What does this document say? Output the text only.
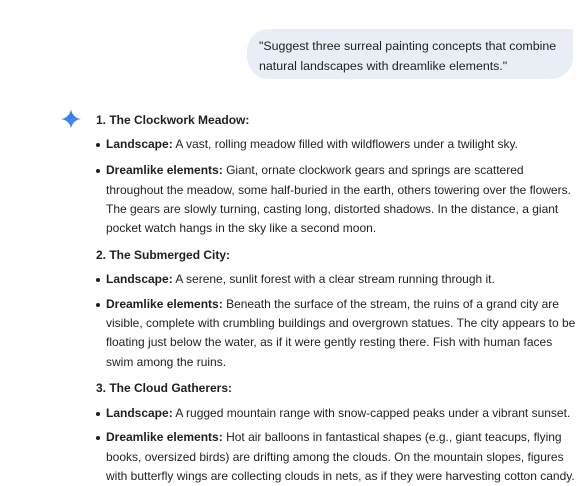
"Suggest three surreal painting concepts that combine natural landscapes with dreamlike elements."
1. The Clockwork Meadow:
Landscape: A vast, rolling meadow filled with wildflowers under a twilight sky.
Dreamlike elements: Giant, ornate clockwork gears and springs are scattered throughout the meadow, some half-buried in the earth, others towering over the flowers. The gears are slowly turning, casting long, distorted shadows. In the distance, a giant pocket watch hangs in the sky like a second moon.
2. The Submerged City:
Landscape: A serene, sunlit forest with a clear stream running through it.
Dreamlike elements: Beneath the surface of the stream, the ruins of a grand city are visible, complete with crumbling buildings and overgrown statues. The city appears to be floating just below the water, as if it were gently resting there. Fish with human faces swim among the ruins.
3. The Cloud Gatherers:
Landscape: A rugged mountain range with snow-capped peaks under a vibrant sunset.
Dreamlike elements: Hot air balloons in fantastical shapes (e.g., giant teacups, flying books, oversized birds) are drifting among the clouds. On the mountain slopes, figures with butterfly wings are collecting clouds in nets, as if they were harvesting cotton candy.
